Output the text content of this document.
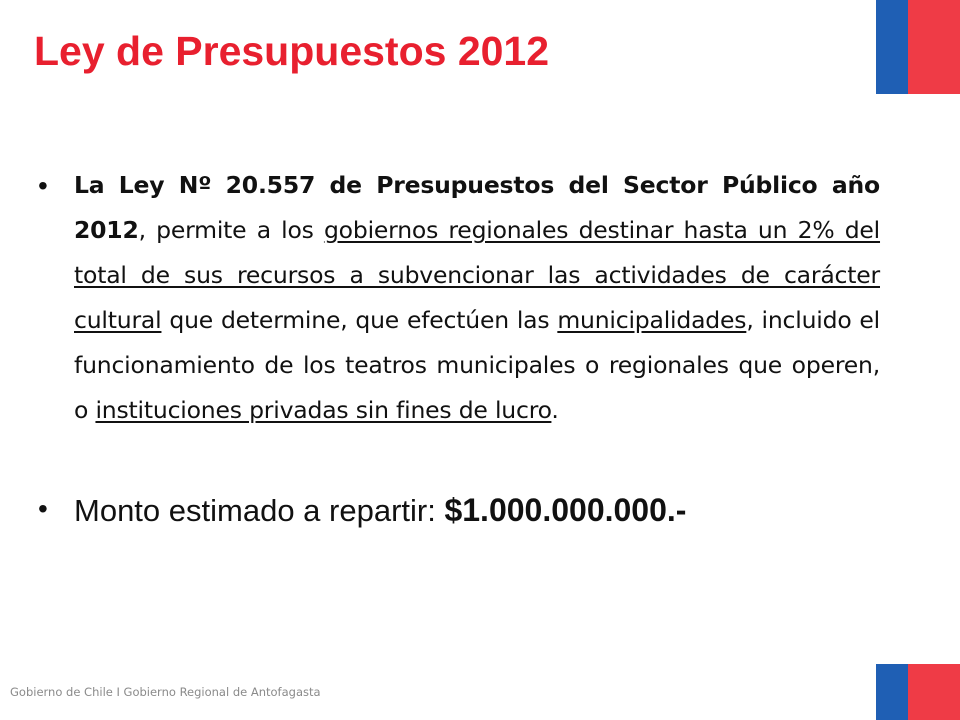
Ley de Presupuestos 2012
• La Ley Nº 20.557 de Presupuestos del Sector Público año 2012, permite a los gobiernos regionales destinar hasta un 2% del total de sus recursos a subvencionar las actividades de carácter cultural que determine, que efectúen las municipalidades, incluido el funcionamiento de los teatros municipales o regionales que operen, o instituciones privadas sin fines de lucro.
• Monto estimado a repartir: $1.000.000.000.-
Gobierno de Chile I Gobierno Regional de Antofagasta
